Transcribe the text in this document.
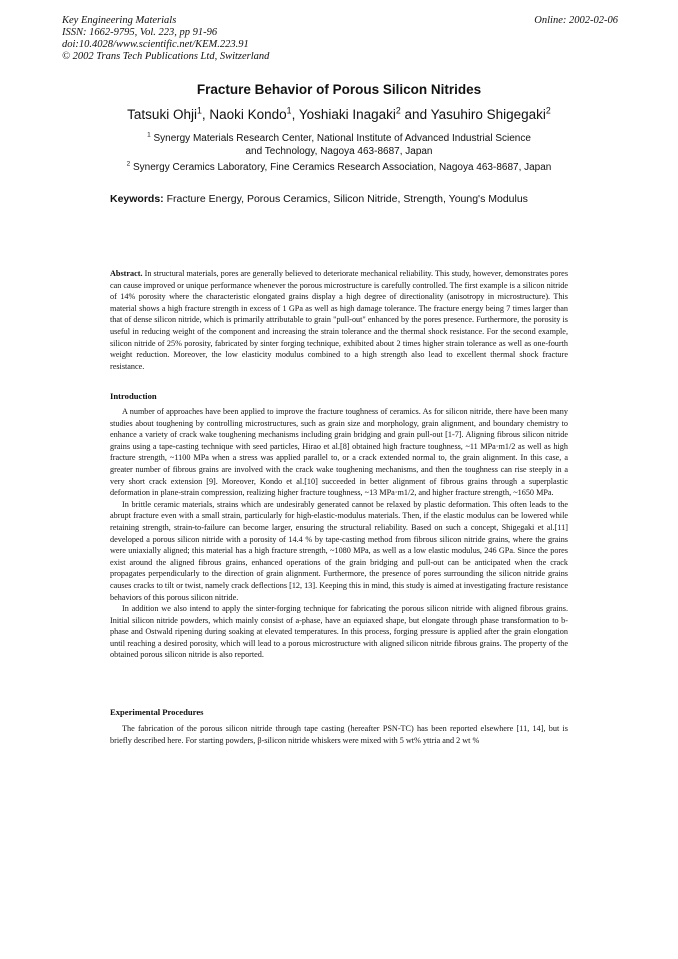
Key Engineering Materials
ISSN: 1662-9795, Vol. 223, pp 91-96
doi:10.4028/www.scientific.net/KEM.223.91
© 2002 Trans Tech Publications Ltd, Switzerland
Online: 2002-02-06
Fracture Behavior of Porous Silicon Nitrides
Tatsuki Ohji$^1$, Naoki Kondo$^1$, Yoshiaki Inagaki$^2$ and Yasuhiro Shigegaki$^2$
$^1$ Synergy Materials Research Center, National Institute of Advanced Industrial Science
and Technology, Nagoya 463-8687, Japan
$^2$ Synergy Ceramics Laboratory, Fine Ceramics Research Association, Nagoya 463-8687, Japan
Keywords: Fracture Energy, Porous Ceramics, Silicon Nitride, Strength, Young's Modulus
Abstract. In structural materials, pores are generally believed to deteriorate mechanical reliability. This study, however, demonstrates pores can cause improved or unique performance whenever the porous microstructure is carefully controlled. The first example is a silicon nitride of 14% porosity where the characteristic elongated grains display a high degree of directionality (anisotropy in microstructure). This material shows a high fracture strength in excess of 1 GPa as well as high damage tolerance. The fracture energy being 7 times larger than that of dense silicon nitride, which is primarily attributable to grain "pull-out" enhanced by the pores presence. Furthermore, the porosity is useful in reducing weight of the component and increasing the strain tolerance and the thermal shock resistance. For the second example, silicon nitride of 25% porosity, fabricated by sinter forging technique, exhibited about 2 times higher strain tolerance as well as one-fourth weight reduction. Moreover, the low elasticity modulus combined to a high strength also lead to excellent thermal shock fracture resistance.
Introduction

A number of approaches have been applied to improve the fracture toughness of ceramics. As for silicon nitride, there have been many studies about toughening by controlling microstructures, such as grain size and morphology, grain alignment, and boundary chemistry to enhance a variety of crack wake toughening mechanisms including grain bridging and grain pull-out [1-7]. Aligning fibrous silicon nitride grains using a tape-casting technique with seed particles, Hirao et al.[8] obtained high fracture toughness, ~11 MPa·m1/2 as well as high fracture strength, ~1100 MPa when a stress was applied parallel to, or a crack extended normal to, the grain alignment. In this case, a greater number of fibrous grains are involved with the crack wake toughening mechanisms, and then the toughness can rise steeply in a very short crack extension [9]. Moreover, Kondo et al.[10] succeeded in better alignment of fibrous grains through a superplastic deformation in plane-strain compression, realizing higher fracture toughness, ~13 MPa·m1/2, and higher fracture strength, ~1650 MPa.

In brittle ceramic materials, strains which are undesirably generated cannot be relaxed by plastic deformation. This often leads to the abrupt fracture even with a small strain, particularly for high-elastic-modulus materials. Then, if the elastic modulus can be lowered while retaining strength, strain-to-failure can become larger, ensuring the structural reliability. Based on such a concept, Shigegaki et al.[11] developed a porous silicon nitride with a porosity of 14.4 % by tape-casting method from fibrous silicon nitride grains, where the grains were uniaxially aligned; this material has a high fracture strength, ~1080 MPa, as well as a low elastic modulus, 246 GPa. Since the pores exist around the aligned fibrous grains, enhanced operations of the grain bridging and pull-out can be anticipated when the crack propagates perpendicularly to the direction of grain alignment. Furthermore, the presence of pores surrounding the silicon nitride grains causes cracks to tilt or twist, namely crack deflections [12, 13]. Keeping this in mind, this study is aimed at investigating fracture resistance behaviors of this porous silicon nitride.

In addition we also intend to apply the sinter-forging technique for fabricating the porous silicon nitride with aligned fibrous grains. Initial silicon nitride powders, which mainly consist of a-phase, have an equiaxed shape, but elongate through phase transformation to b-phase and Ostwald ripening during soaking at elevated temperatures. In this process, forging pressure is applied after the grain elongation until reaching a desired porosity, which will lead to a porous microstructure with aligned silicon nitride fibrous grains. The property of the obtained porous silicon nitride is also reported.

Experimental Procedures

The fabrication of the porous silicon nitride through tape casting (hereafter PSN-TC) has been reported elsewhere [11, 14], but is briefly described here. For starting powders, β-silicon nitride whiskers were mixed with 5 wt% yttria and 2 wt %
